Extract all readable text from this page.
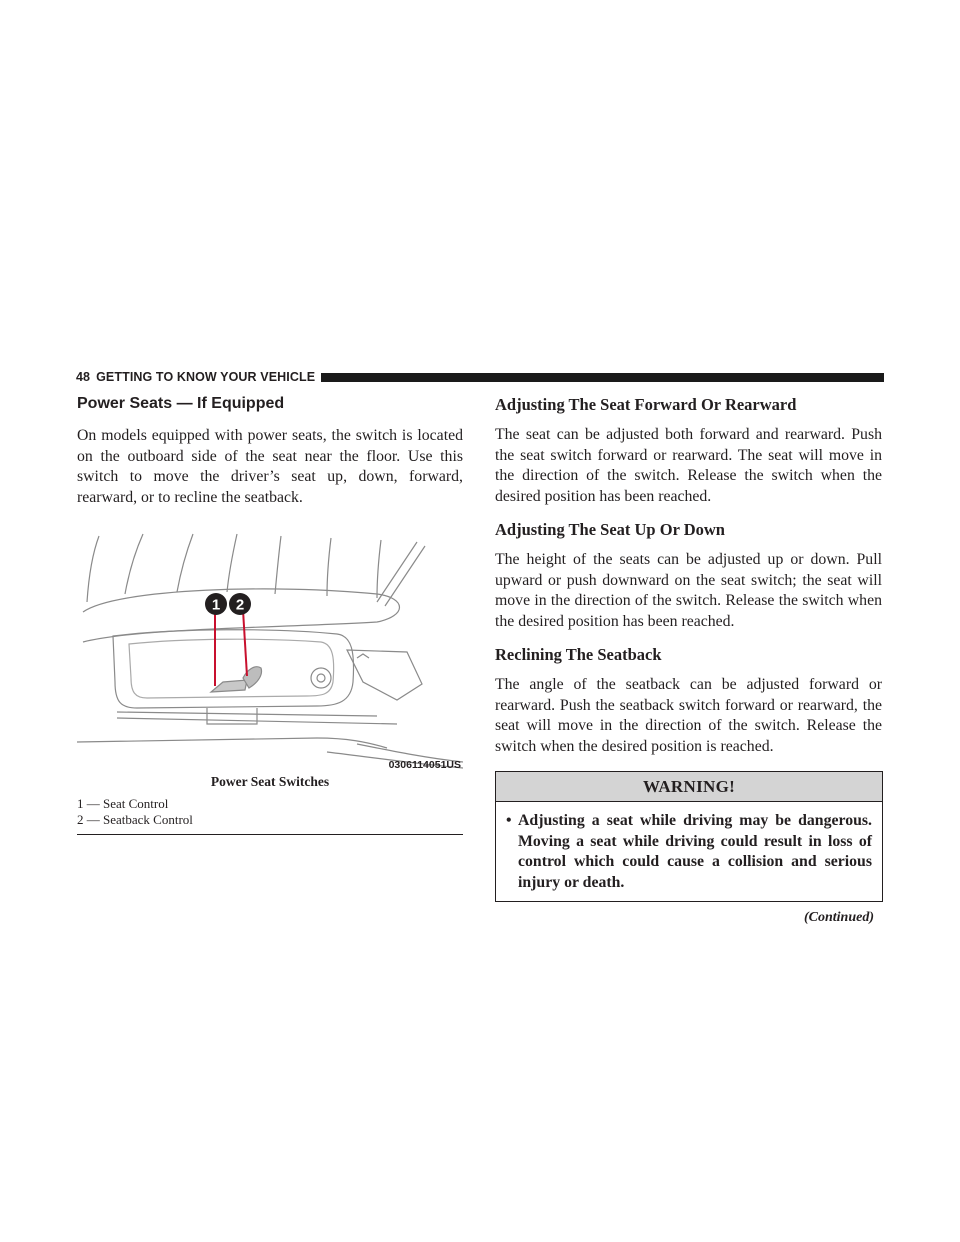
48 GETTING TO KNOW YOUR VEHICLE
Power Seats — If Equipped

On models equipped with power seats, the switch is located on the outboard side of the seat near the floor. Use this switch to move the driver’s seat up, down, forward, rearward, or to recline the seatback.

1 2
0306114051US
Power Seat Switches
1 — Seat Control
2 — Seatback Control
Adjusting The Seat Forward Or Rearward

The seat can be adjusted both forward and rearward. Push the seat switch forward or rearward. The seat will move in the direction of the switch. Release the switch when the desired position has been reached.

Adjusting The Seat Up Or Down

The height of the seats can be adjusted up or down. Pull upward or push downward on the seat switch; the seat will move in the direction of the switch. Release the switch when the desired position has been reached.

Reclining The Seatback

The angle of the seatback can be adjusted forward or rearward. Push the seatback switch forward or rearward, the seat will move in the direction of the switch. Release the switch when the desired position is reached.

WARNING!
• Adjusting a seat while driving may be dangerous. Moving a seat while driving could result in loss of control which could cause a collision and serious injury or death.
(Continued)
